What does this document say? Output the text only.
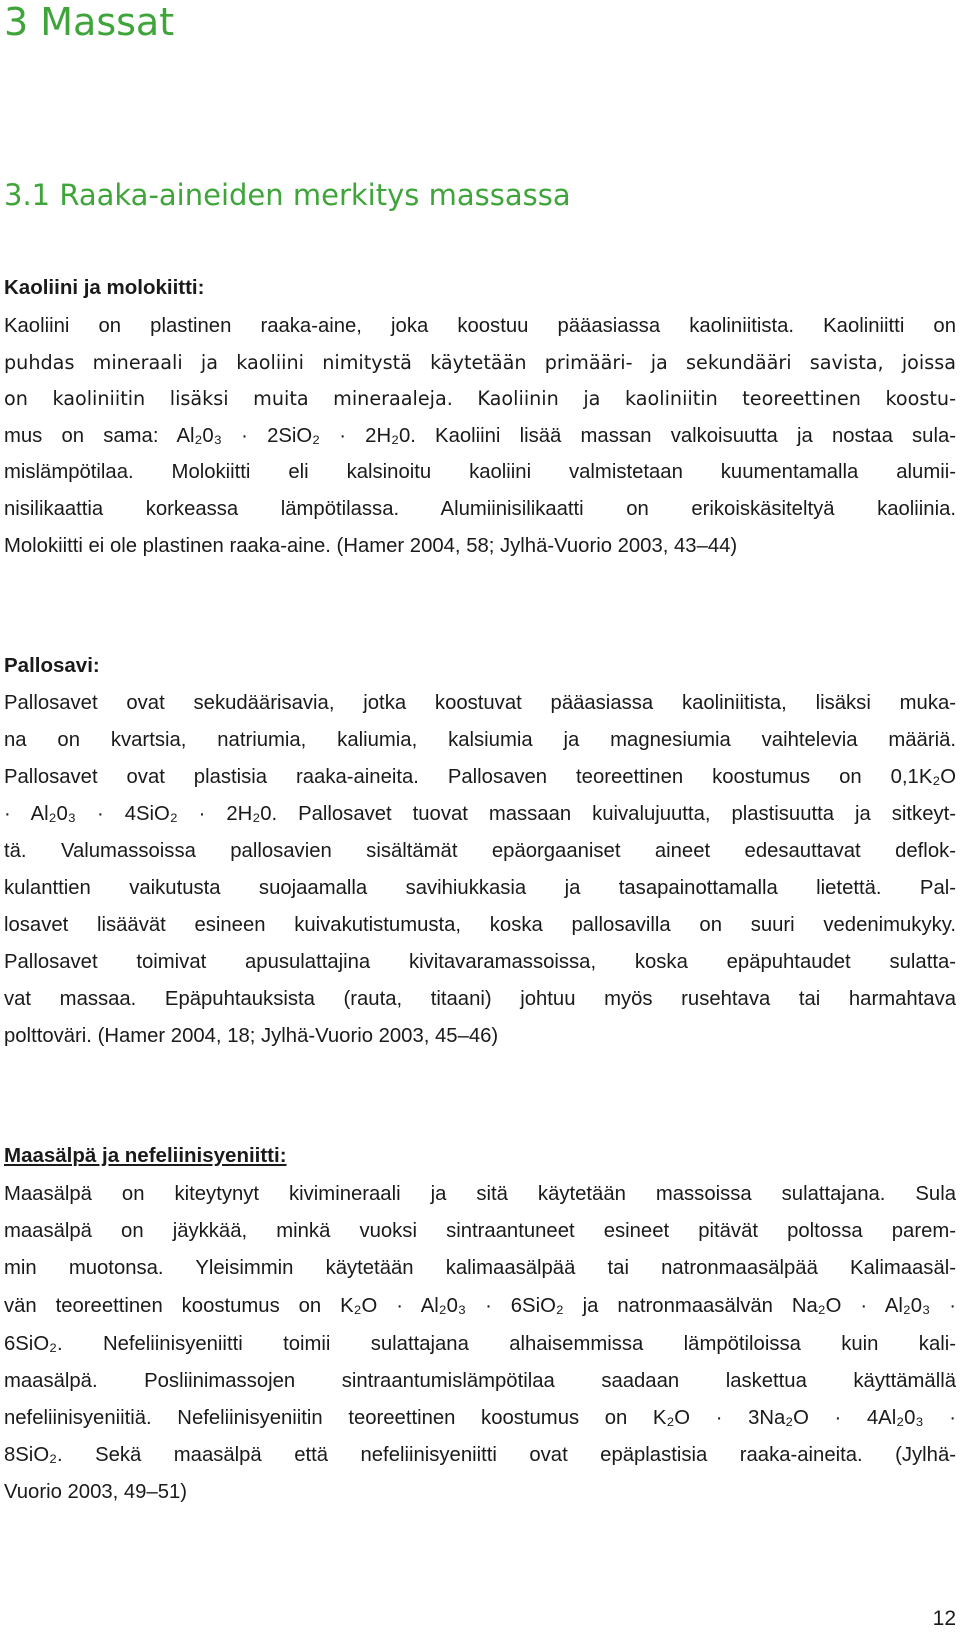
3 Massat
3.1 Raaka-aineiden merkitys massassa

Kaoliini ja molokiitti:

Kaoliini on plastinen raaka-aine, joka koostuu pääasiassa kaoliniitista. Kaoliniitti on

puhdas mineraali ja kaoliini nimitystä käytetään primääri- ja sekundääri savista, joissa

on kaoliniitin lisäksi muita mineraaleja. Kaoliinin ja kaoliniitin teoreettinen koostu-

mus on sama: Al₂0₃ · 2SiO₂ · 2H₂0. Kaoliini lisää massan valkoisuutta ja nostaa sula-

mislämpötilaa. Molokiitti eli kalsinoitu kaoliini valmistetaan kuumentamalla alumii-

nisilikaattia korkeassa lämpötilassa. Alumiinisilikaatti on erikoiskäsiteltyä kaoliinia.

Molokiitti ei ole plastinen raaka-aine. (Hamer 2004, 58; Jylhä-Vuorio 2003, 43–44)

Pallosavi:

Pallosavet ovat sekudäärisavia, jotka koostuvat pääasiassa kaoliniitista, lisäksi muka-

na on kvartsia, natriumia, kaliumia, kalsiumia ja magnesiumia vaihtelevia määriä.

Pallosavet ovat plastisia raaka-aineita. Pallosaven teoreettinen koostumus on 0,1K₂O

· Al₂0₃ · 4SiO₂ · 2H₂0. Pallosavet tuovat massaan kuivalujuutta, plastisuutta ja sitkeyt-

tä. Valumassoissa pallosavien sisältämät epäorgaaniset aineet edesauttavat deflok-

kulanttien vaikutusta suojaamalla savihiukkasia ja tasapainottamalla lietettä. Pal-

losavet lisäävät esineen kuivakutistumusta, koska pallosavilla on suuri vedenimukyky.

Pallosavet toimivat apusulattajina kivitavaramassoissa, koska epäpuhtaudet sulatta-

vat massaa. Epäpuhtauksista (rauta, titaani) johtuu myös rusehtava tai harmahtava

polttoväri. (Hamer 2004, 18; Jylhä-Vuorio 2003, 45–46)

Maasälpä ja nefeliinisyeniitti:

Maasälpä on kiteytynyt kivimineraali ja sitä käytetään massoissa sulattajana. Sula

maasälpä on jäykkää, minkä vuoksi sintraantuneet esineet pitävät poltossa parem-

min muotonsa. Yleisimmin käytetään kalimaasälpää tai natronmaasälpää Kalimaasäl-

vän teoreettinen koostumus on K₂O · Al₂0₃ · 6SiO₂ ja natronmaasälvän Na₂O · Al₂0₃ ·

6SiO₂. Nefeliinisyeniitti toimii sulattajana alhaisemmissa lämpötiloissa kuin kali-

maasälpä. Posliinimassojen sintraantumislämpötilaa saadaan laskettua käyttämällä

nefeliinisyeniitiä. Nefeliinisyeniitin teoreettinen koostumus on K₂O · 3Na₂O · 4Al₂0₃ ·

8SiO₂. Sekä maasälpä että nefeliinisyeniitti ovat epäplastisia raaka-aineita. (Jylhä-

Vuorio 2003, 49–51)

12
